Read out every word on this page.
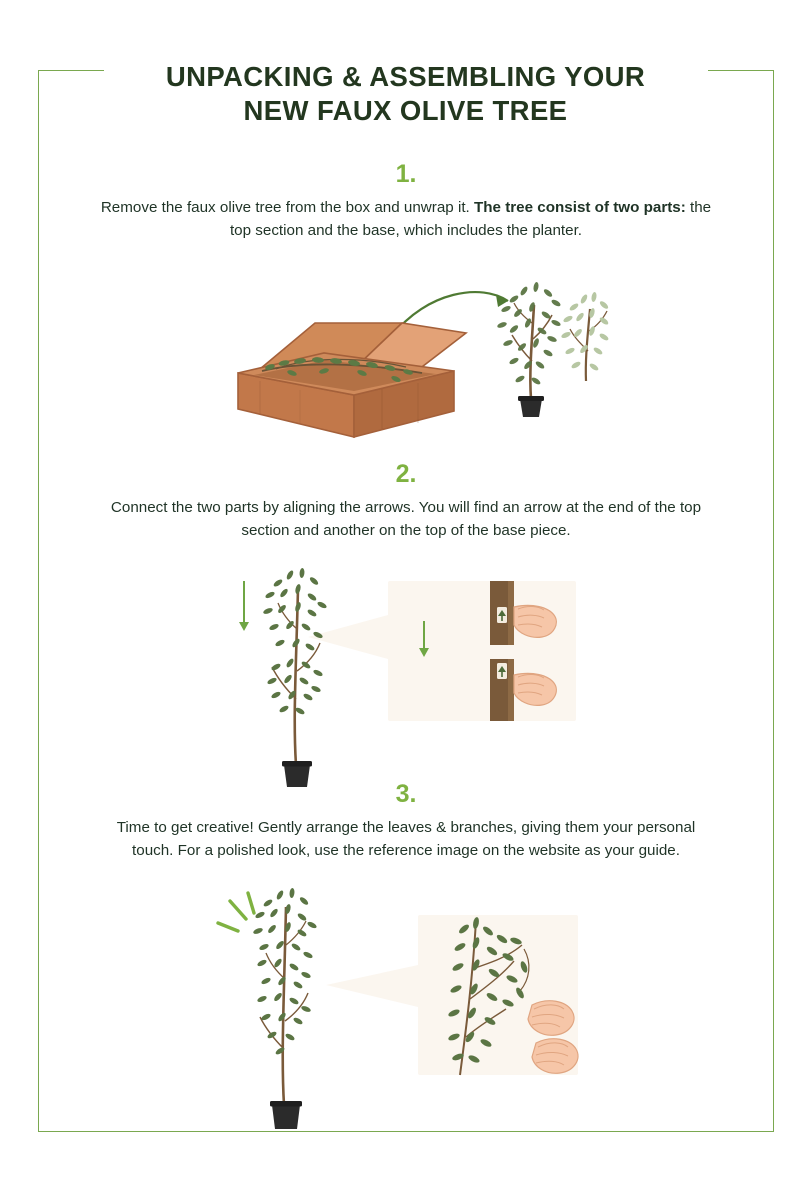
UNPACKING & ASSEMBLING YOUR
NEW FAUX OLIVE TREE
1.
Remove the faux olive tree from the box and unwrap it. The tree consist of two parts: the top section and the base, which includes the planter.
2.
Connect the two parts by aligning the arrows. You will find an arrow at the end of the top section and another on the top of the base piece.
3.
Time to get creative! Gently arrange the leaves & branches, giving them your personal touch. For a polished look, use the reference image on the website as your guide.
